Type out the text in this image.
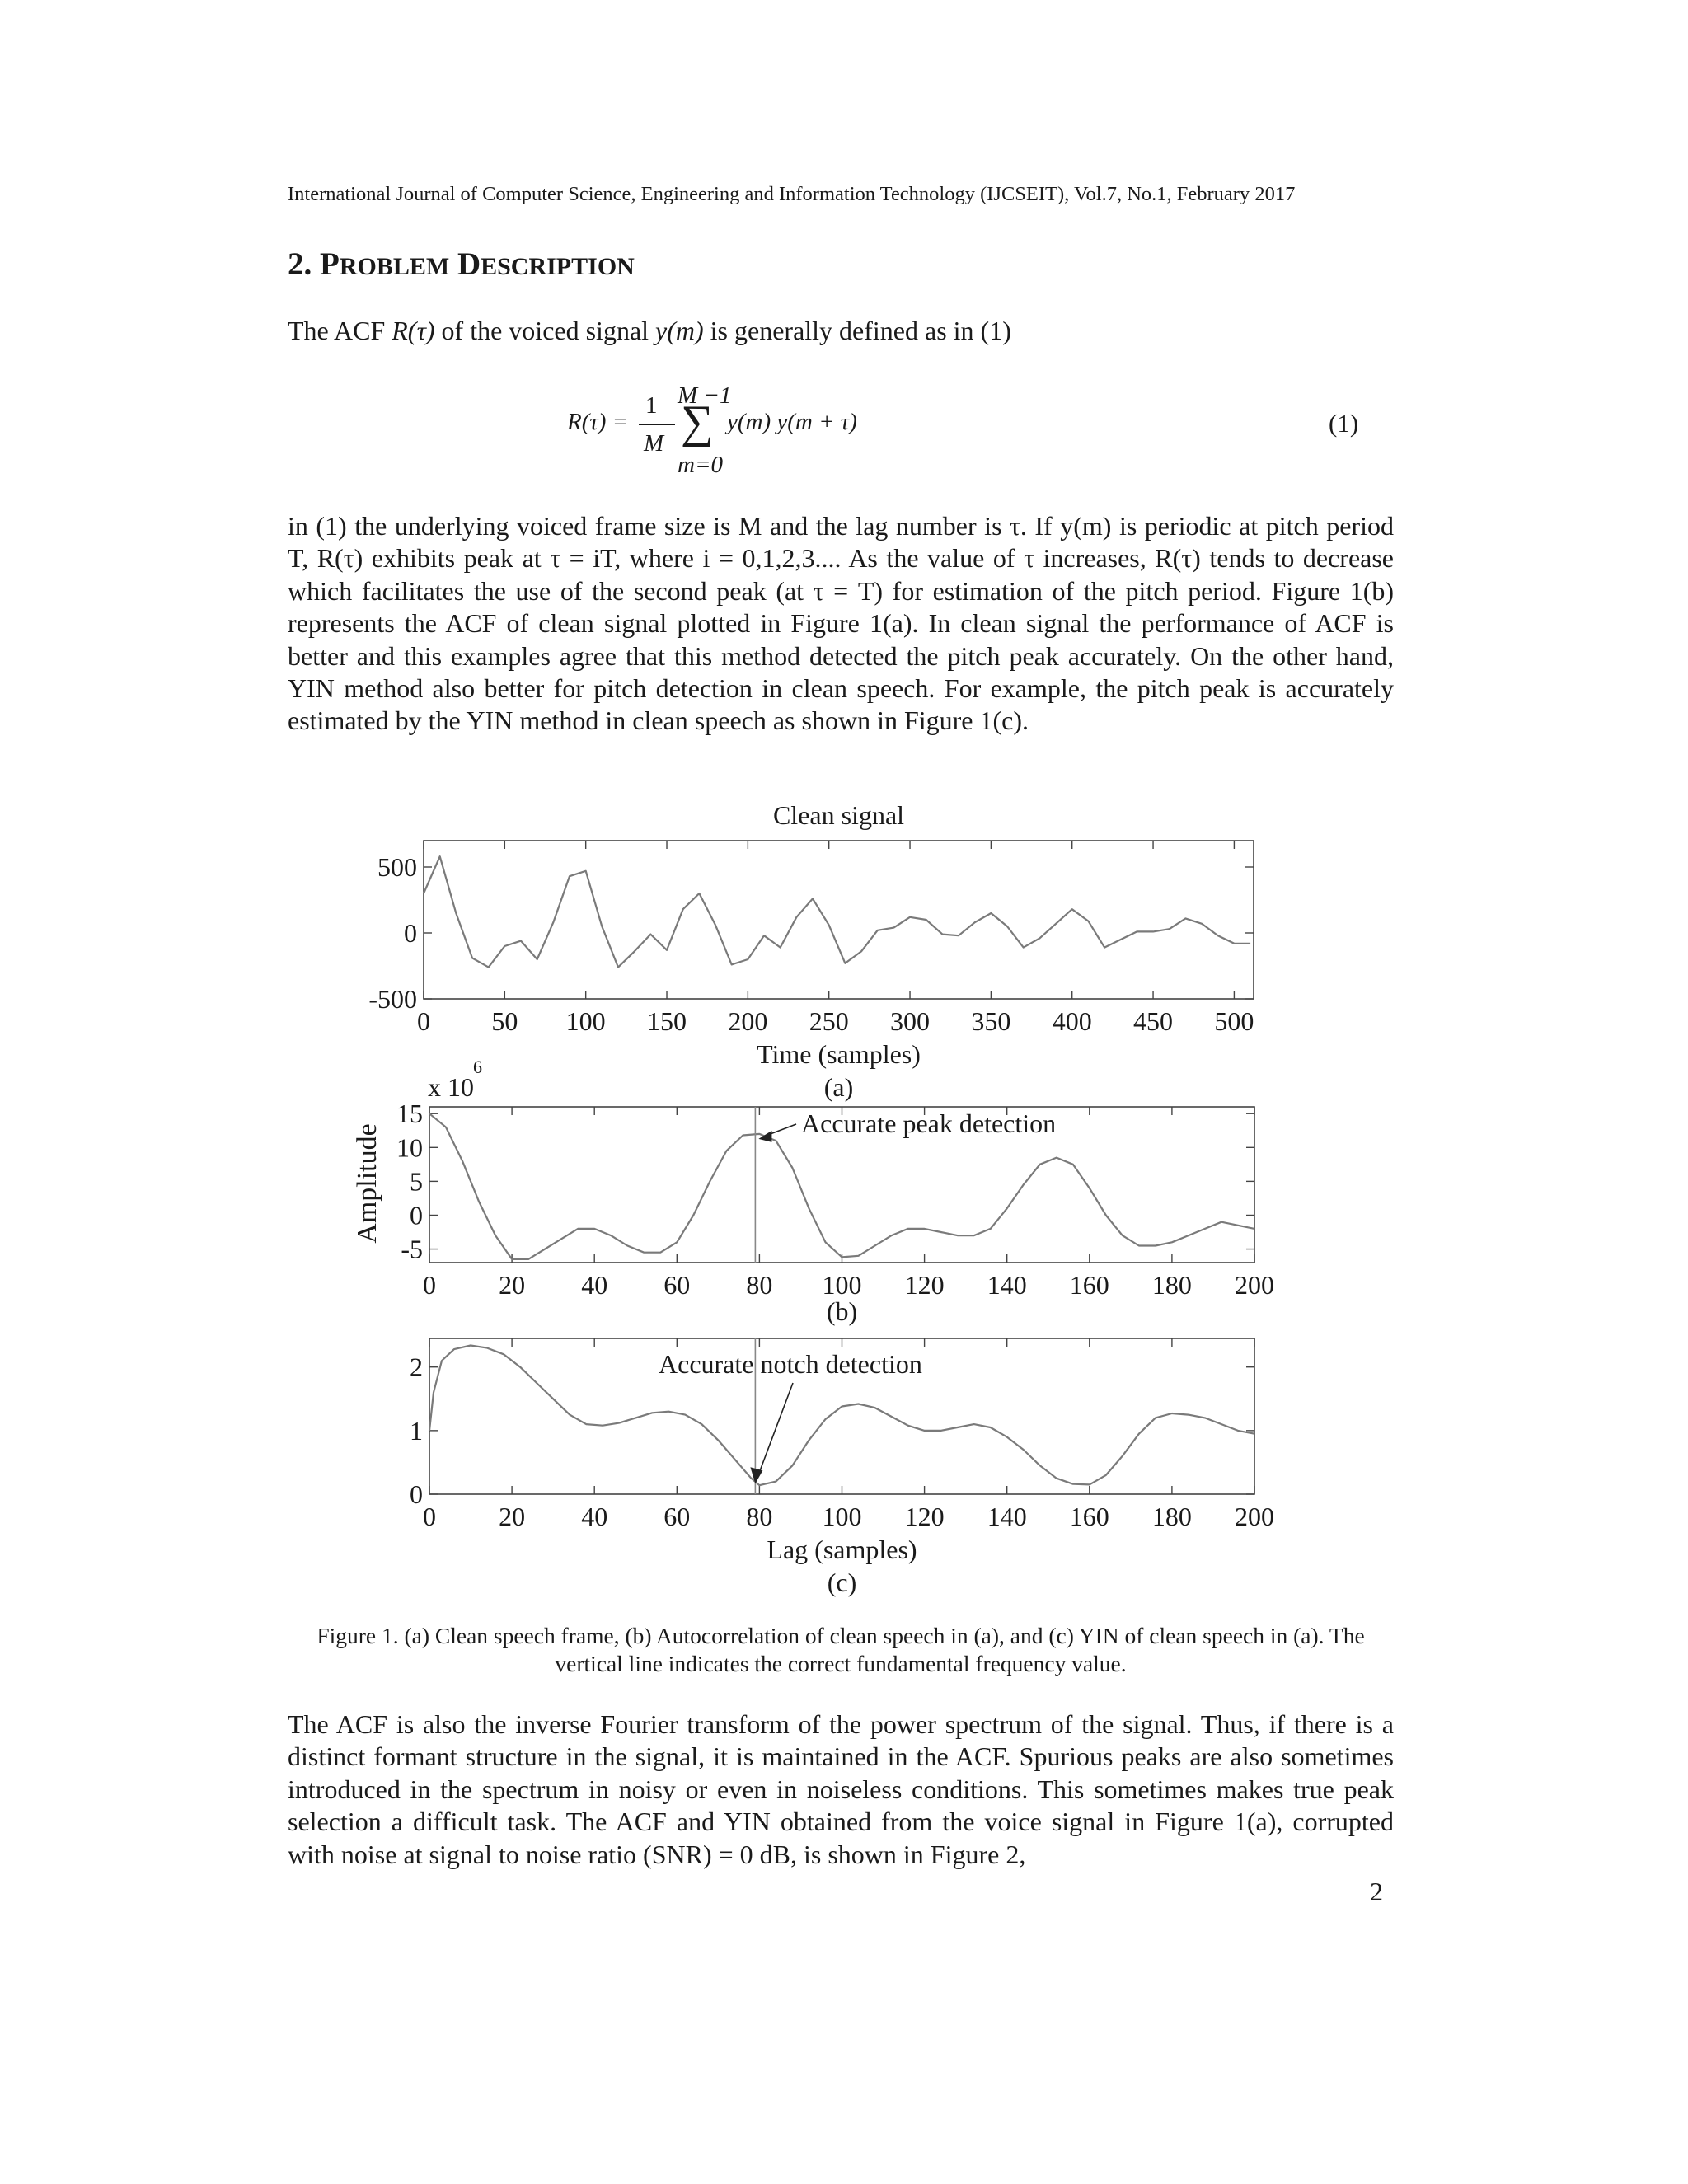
International Journal of Computer Science, Engineering and Information Technology (IJCSEIT), Vol.7, No.1, February 2017
2. PROBLEM DESCRIPTION

The ACF R(τ) of the voiced signal y(m) is generally defined as in (1)

R(τ) =
1
M
M −1
∑
m=0
y(m) y(m + τ)	(1)

in (1) the underlying voiced frame size is M and the lag number is τ. If y(m) is periodic at pitch period T, R(τ) exhibits peak at τ = iT, where i = 0,1,2,3.... As the value of τ increases, R(τ) tends to decrease which facilitates the use of the second peak (at τ = T) for estimation of the pitch period. Figure 1(b) represents the ACF of clean signal plotted in Figure 1(a). In clean signal the performance of ACF is better and this examples agree that this method detected the pitch peak accurately. On the other hand, YIN method also better for pitch detection in clean speech. For example, the pitch peak is accurately estimated by the YIN method in clean speech as shown in Figure 1(c).

0 50 100 150 200 250 300 350 400 450 500
-500
0
500
Clean signal
Time (samples)
(a)
0 20 40 60 80 100 120 140 160 180 200
-5
0
5
10
15
(b)
Amplitude
x 10
6
Accurate peak detection
0 20 40 60 80 100 120 140 160 180 200
0
1
2
Lag (samples)
(c)
Accurate notch detection
Figure 1. (a) Clean speech frame, (b) Autocorrelation of clean speech in (a), and (c) YIN of clean speech in (a). The vertical line indicates the correct fundamental frequency value.

The ACF is also the inverse Fourier transform of the power spectrum of the signal. Thus, if there is a distinct formant structure in the signal, it is maintained in the ACF. Spurious peaks are also sometimes introduced in the spectrum in noisy or even in noiseless conditions. This sometimes makes true peak selection a difficult task. The ACF and YIN obtained from the voice signal in Figure 1(a), corrupted with noise at signal to noise ratio (SNR) = 0 dB, is shown in Figure 2,

2
